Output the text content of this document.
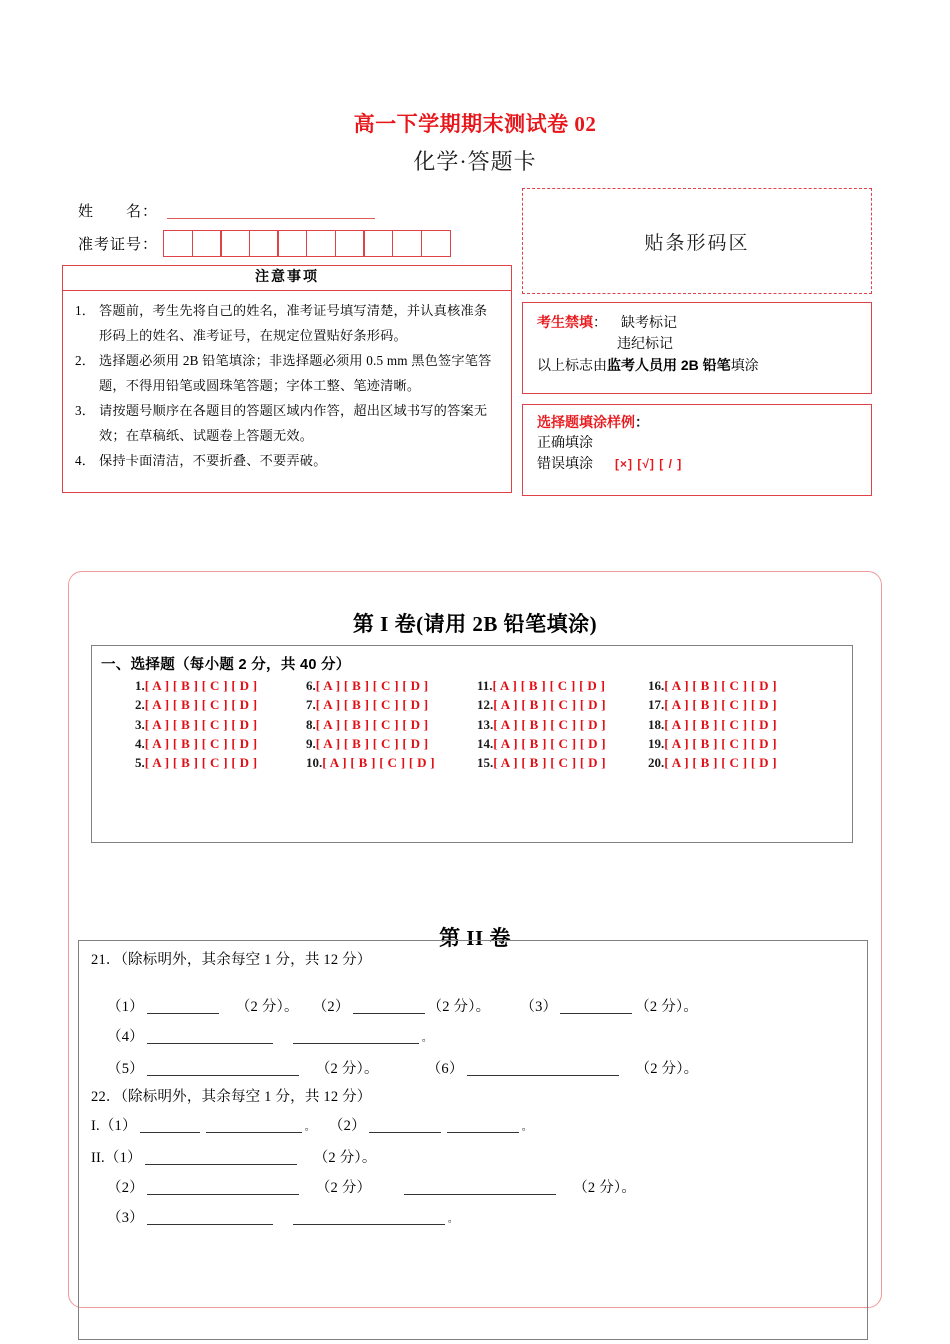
高一下学期期末测试卷 02
化学·答题卡
姓　　名：
准考证号：
注意事项
1． 答题前，考生先将自己的姓名，准考证号填写清楚，并认真核准条形码上的姓名、准考证号，在规定位置贴好条形码。
2． 选择题必须用 2B 铅笔填涂；非选择题必须用 0.5 mm 黑色签字笔答题，不得用铅笔或圆珠笔答题；字体工整、笔迹清晰。
3． 请按题号顺序在各题目的答题区域内作答，超出区域书写的答案无效；在草稿纸、试题卷上答题无效。
4． 保持卡面清洁，不要折叠、不要弄破。
贴条形码区
考生禁填： 缺考标记
违纪标记
以上标志由监考人员用 2B 铅笔填涂
选择题填涂样例：
正确填涂
错误填涂 [×] [√] [ / ]
第 I 卷(请用 2B 铅笔填涂)
一、选择题（每小题 2 分，共 40 分）
1.[ A ] [ B ] [ C ] [ D ]
2.[ A ] [ B ] [ C ] [ D ]
3.[ A ] [ B ] [ C ] [ D ]
4.[ A ] [ B ] [ C ] [ D ]
5.[ A ] [ B ] [ C ] [ D ]
6.[ A ] [ B ] [ C ] [ D ]
7.[ A ] [ B ] [ C ] [ D ]
8.[ A ] [ B ] [ C ] [ D ]
9.[ A ] [ B ] [ C ] [ D ]
10.[ A ] [ B ] [ C ] [ D ]
11.[ A ] [ B ] [ C ] [ D ]
12.[ A ] [ B ] [ C ] [ D ]
13.[ A ] [ B ] [ C ] [ D ]
14.[ A ] [ B ] [ C ] [ D ]
15.[ A ] [ B ] [ C ] [ D ]
16.[ A ] [ B ] [ C ] [ D ]
17.[ A ] [ B ] [ C ] [ D ]
18.[ A ] [ B ] [ C ] [ D ]
19.[ A ] [ B ] [ C ] [ D ]
20.[ A ] [ B ] [ C ] [ D ]
第 II 卷
21．（除标明外，其余每空 1 分，共 12 分）
（1）	（2 分）。 （2）	（2 分）。 （3）	（2 分）。
（4）	。
（5）	（2 分）。	（6）	（2 分）。
22．（除标明外，其余每空 1 分，共 12 分）
I.（1）	。 （2）	。
II.（1）	（2 分）。
（2）	（2 分）	（2 分）。
（3）	。
